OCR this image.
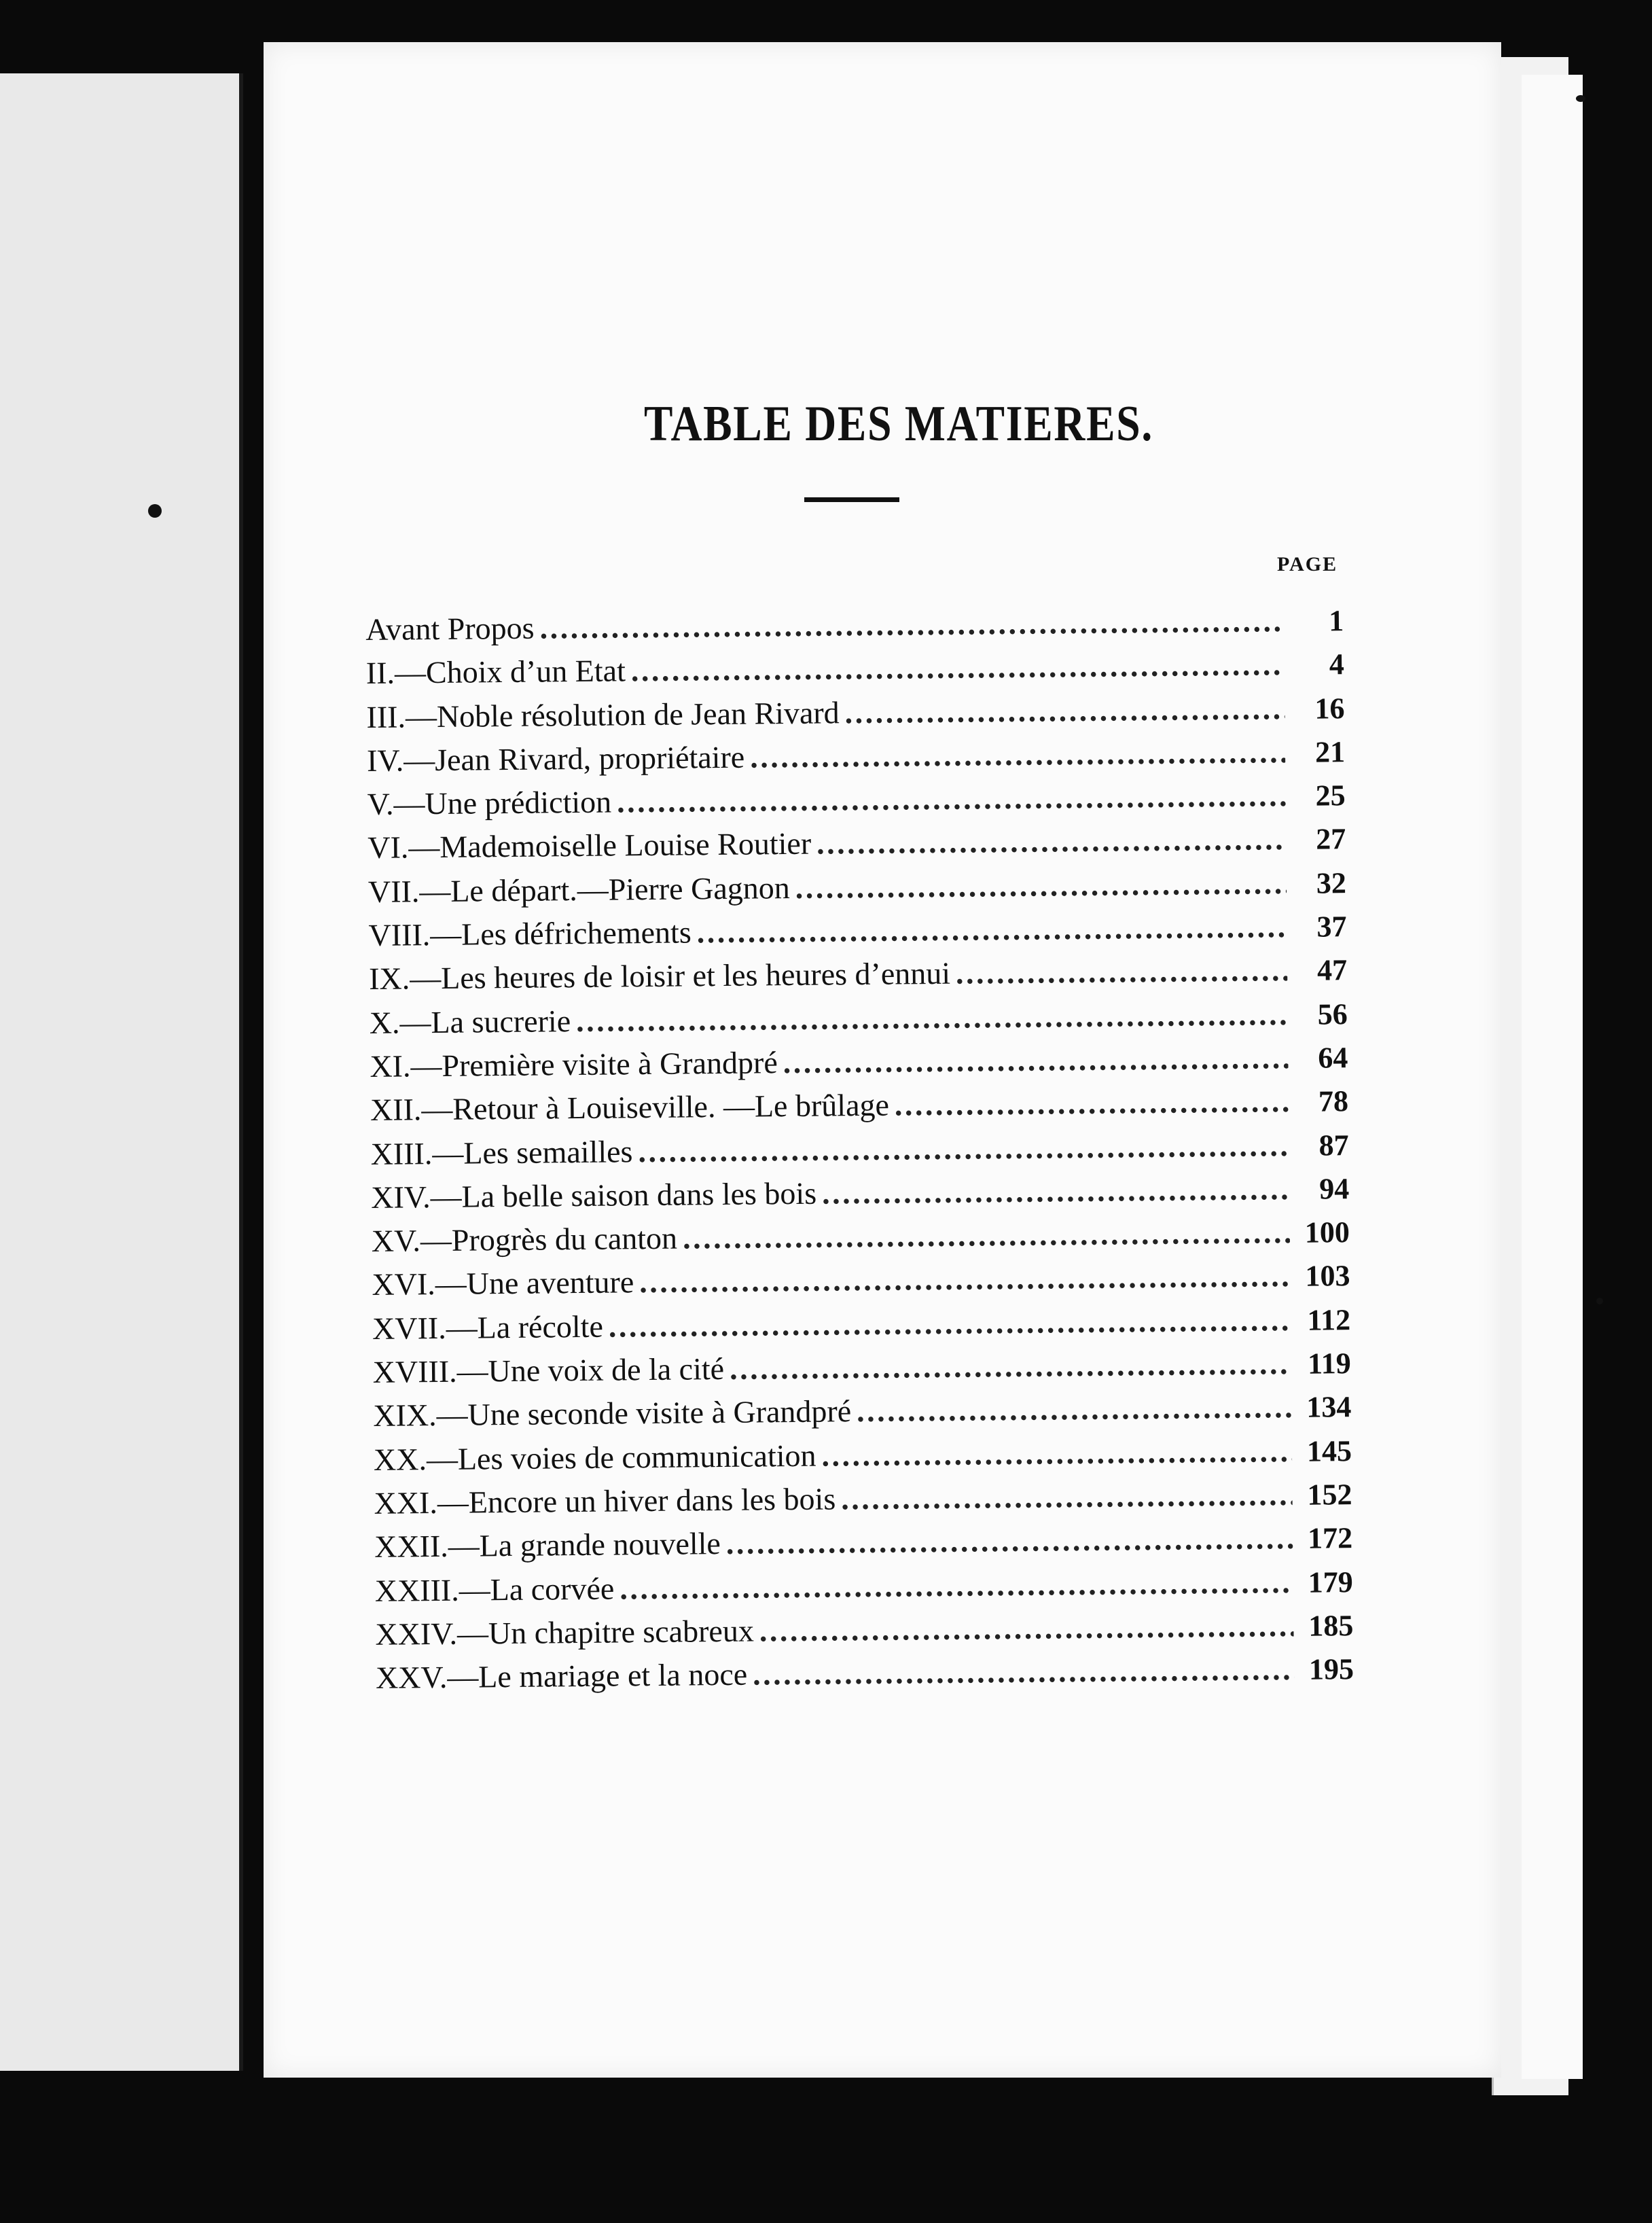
TABLE DES MATIERES.
PAGE
Avant Propos . . .	1
II.—Choix d’un Etat . . .	4
III.—Noble résolution de Jean Rivard . . .	16
IV.—Jean Rivard, propriétaire . . .	21
V.—Une prédiction . . .	25
VI.—Mademoiselle Louise Routier . . .	27
VII.—Le départ.—Pierre Gagnon . . .	32
VIII.—Les défrichements . . .	37
IX.—Les heures de loisir et les heures d’ennui . . .	47
X.—La sucrerie . . .	56
XI.—Première visite à Grandpré . . .	64
XII.—Retour à Louiseville. —Le brûlage . . .	78
XIII.—Les semailles . . .	87
XIV.—La belle saison dans les bois . . .	94
XV.—Progrès du canton . . .	100
XVI.—Une aventure . . .	103
XVII.—La récolte . . .	112
XVIII.—Une voix de la cité . . .	119
XIX.—Une seconde visite à Grandpré . . .	134
XX.—Les voies de communication . . .	145
XXI.—Encore un hiver dans les bois . . .	152
XXII.—La grande nouvelle . . .	172
XXIII.—La corvée . . .	179
XXIV.—Un chapitre scabreux . . .	185
XXV.—Le mariage et la noce . . .	195
